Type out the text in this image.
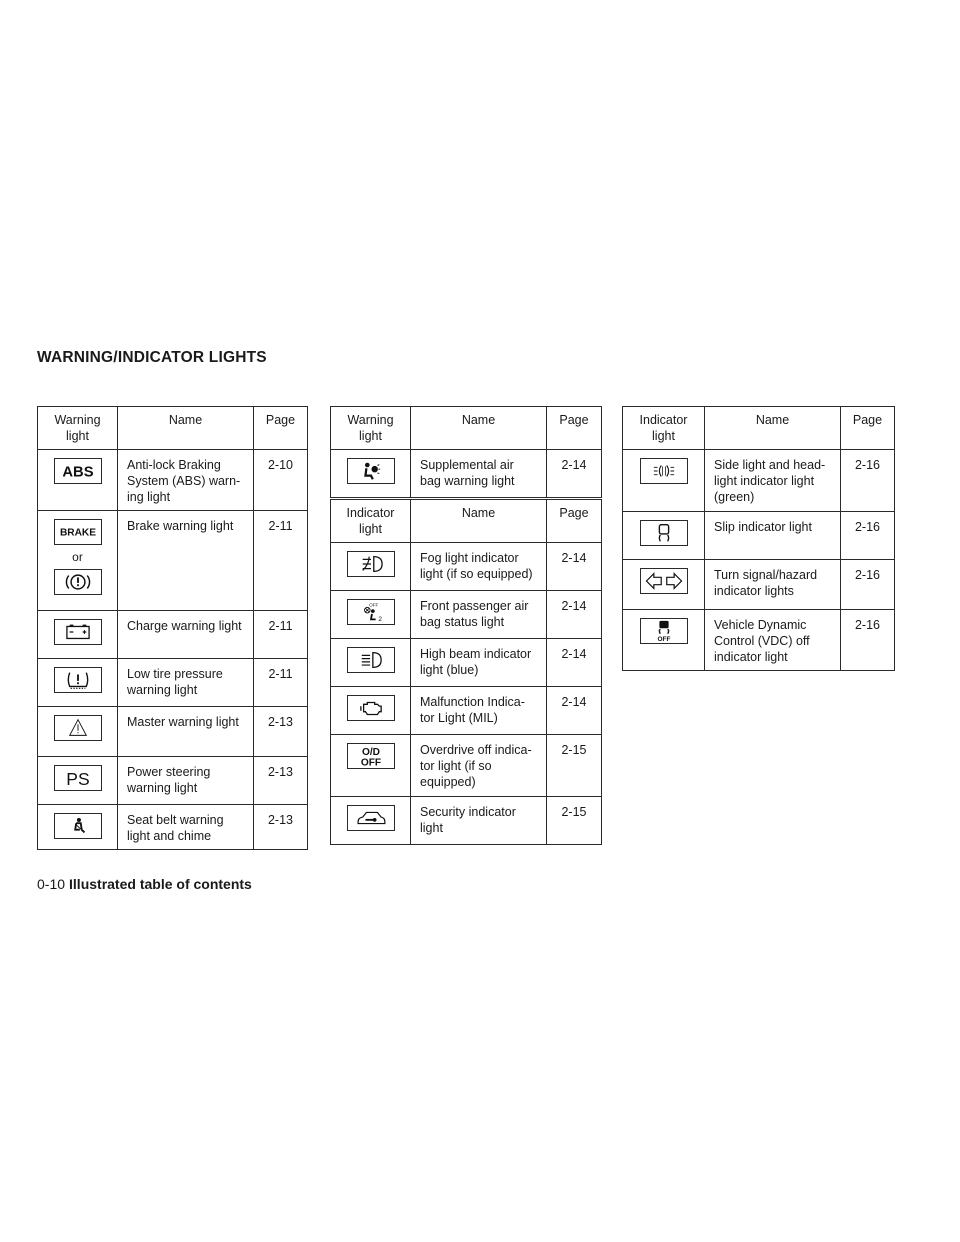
WARNING/INDICATOR LIGHTS
Warning light	Name	Page

ABS	Anti-lock Braking System (ABS) warn- ing light	2-10

BRAKE
or	Brake warning light	2-11

	Charge warning light	2-11

	Low tire pressure warning light	2-11

	Master warning light	2-13

PS	Power steering warning light	2-13

	Seat belt warning light and chime	2-13
Warning light	Name	Page

	Supplemental air bag warning light	2-14
Indicator light	Name	Page

	Fog light indicator light (if so equipped)	2-14

OFF
2	Front passenger air bag status light	2-14

	High beam indicator light (blue)	2-14

	Malfunction Indica- tor Light (MIL)	2-14

O/D
OFF	Overdrive off indica- tor light (if so equipped)	2-15

	Security indicator light	2-15
Indicator light	Name	Page

	Side light and head- light indicator light (green)	2-16

	Slip indicator light	2-16

	Turn signal/hazard indicator lights	2-16

OFF	Vehicle Dynamic Control (VDC) off indicator light	2-16
0-10 Illustrated table of contents
